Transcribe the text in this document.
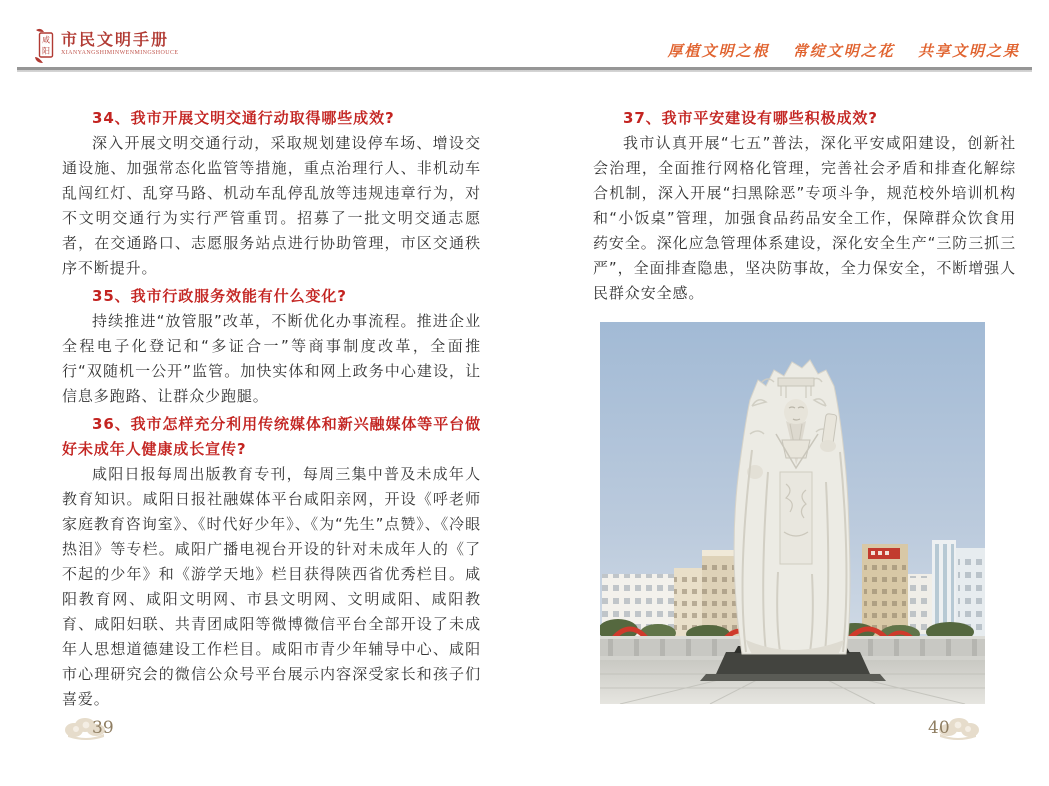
咸
阳
市民文明手册
XIANYANGSHIMINWENMINGSHOUCE	厚植文明之根 常绽文明之花 共享文明之果
34、我市开展文明交通行动取得哪些成效?
深入开展文明交通行动，采取规划建设停车场、增设交通设施、加强常态化监管等措施，重点治理行人、非机动车乱闯红灯、乱穿马路、机动车乱停乱放等违规违章行为，对不文明交通行为实行严管重罚。招募了一批文明交通志愿者，在交通路口、志愿服务站点进行协助管理，市区交通秩序不断提升。
35、我市行政服务效能有什么变化?
持续推进“放管服”改革，不断优化办事流程。推进企业全程电子化登记和“多证合一”等商事制度改革，全面推行“双随机一公开”监管。加快实体和网上政务中心建设，让信息多跑路、让群众少跑腿。
36、我市怎样充分利用传统媒体和新兴融媒体等平台做好未成年人健康成长宣传?
咸阳日报每周出版教育专刊，每周三集中普及未成年人教育知识。咸阳日报社融媒体平台咸阳亲网，开设《呼老师家庭教育咨询室》、《时代好少年》、《为“先生”点赞》、《冷眼热泪》等专栏。咸阳广播电视台开设的针对未成年人的《了不起的少年》和《游学天地》栏目获得陕西省优秀栏目。咸阳教育网、咸阳文明网、市县文明网、文明咸阳、咸阳教育、咸阳妇联、共青团咸阳等微博微信平台全部开设了未成年人思想道德建设工作栏目。咸阳市青少年辅导中心、咸阳市心理研究会的微信公众号平台展示内容深受家长和孩子们喜爱。
37、我市平安建设有哪些积极成效?
我市认真开展“七五”普法，深化平安咸阳建设，创新社会治理，全面推行网格化管理，完善社会矛盾和排查化解综合机制，深入开展“扫黑除恶”专项斗争，规范校外培训机构和“小饭桌”管理，加强食品药品安全工作，保障群众饮食用药安全。深化应急管理体系建设，深化安全生产“三防三抓三严”，全面排查隐患，坚决防事故，全力保安全，不断增强人民群众安全感。
39	40
